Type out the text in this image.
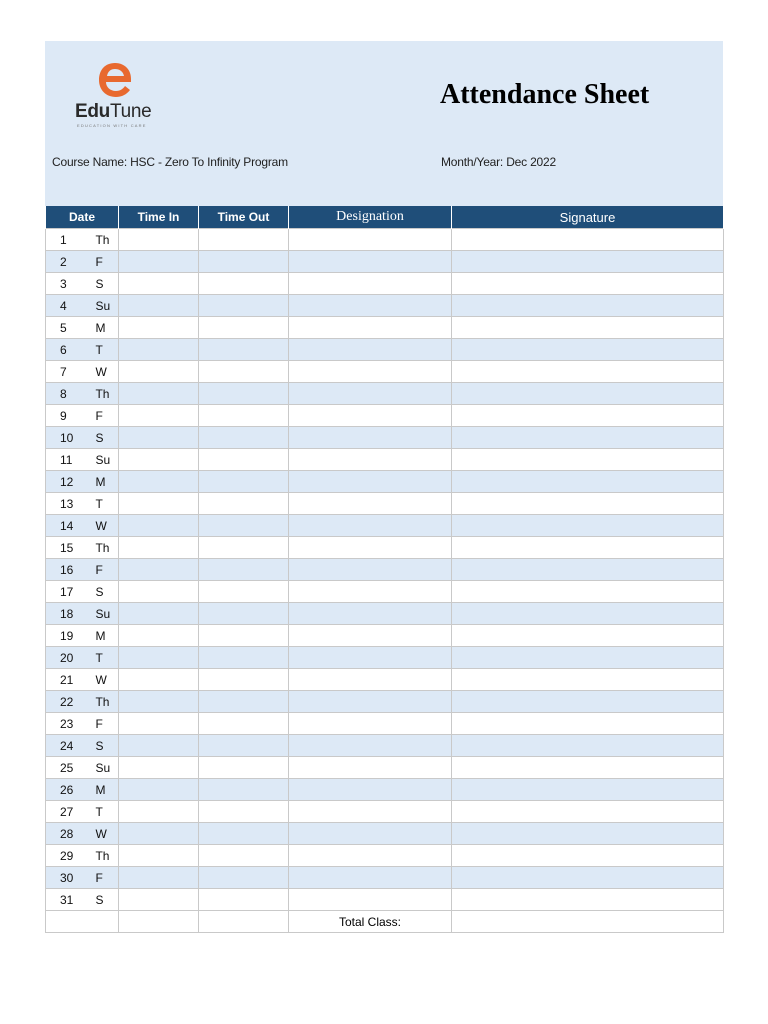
EduTune
EDUCATION WITH CARE
Attendance Sheet
Course Name: HSC - Zero To Infinity Program	Month/Year: Dec 2022
Date	Time In	Time Out	Designation	Signature

1 Th				

2 F				

3 S				

4 Su				

5 M				

6 T				

7 W				

8 Th				

9 F				

10 S				

11 Su				

12 M				

13 T				

14 W				

15 Th				

16 F				

17 S				

18 Su				

19 M				

20 T				

21 W				

22 Th				

23 F				

24 S				

25 Su				

26 M				

27 T				

28 W				

29 Th				

30 F				

31 S				

			Total Class:	
